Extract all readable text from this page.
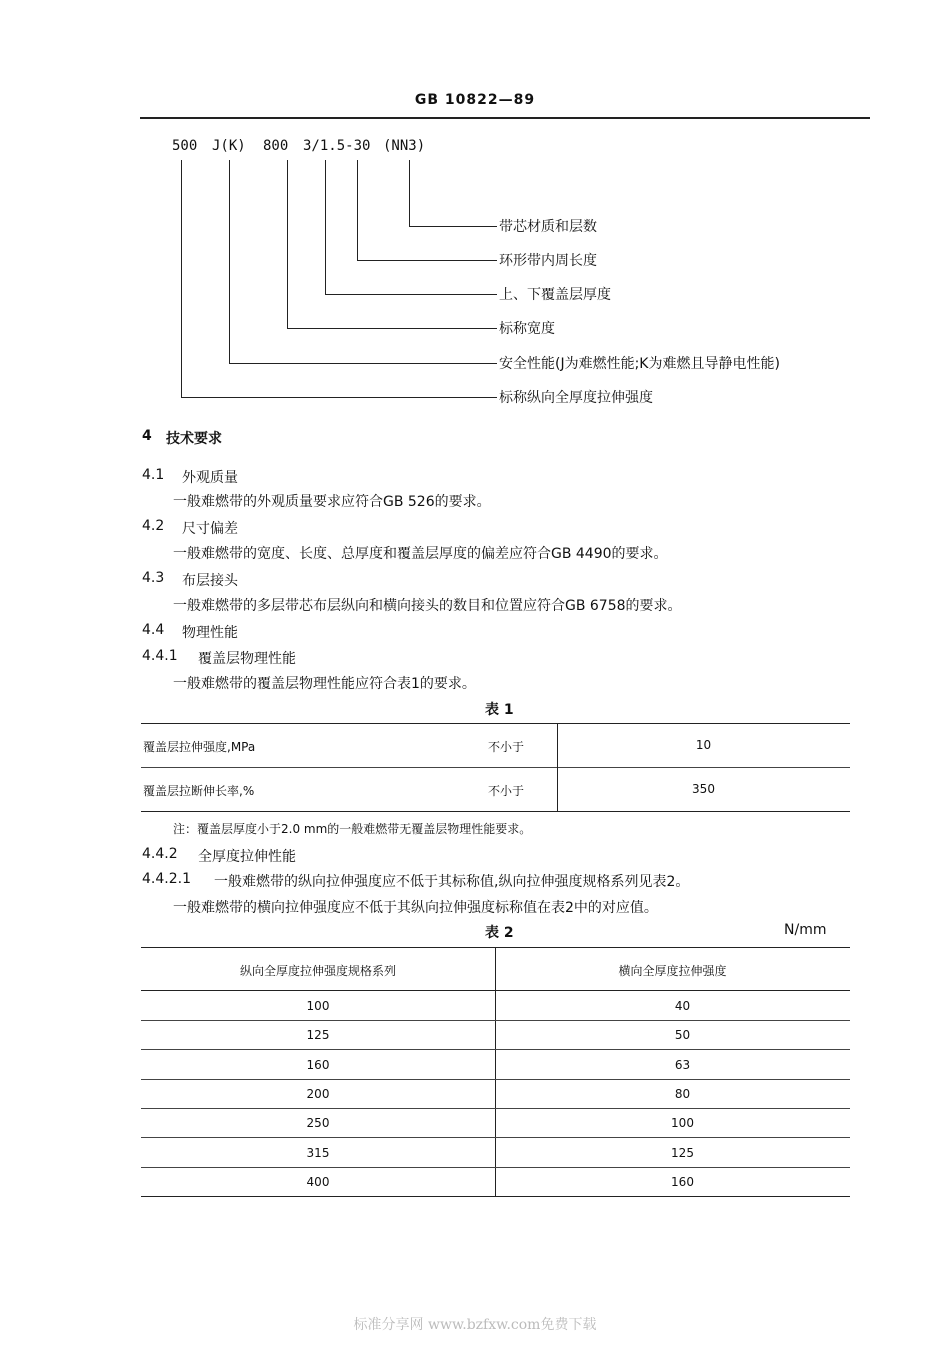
GB 10822—89
500 J(K) 800 3/1.5-30 (NN3)
带芯材质和层数
环形带内周长度
上、下覆盖层厚度
标称宽度
安全性能(J为难燃性能;K为难燃且导静电性能)
标称纵向全厚度拉伸强度
4 技术要求
4.1 外观质量
一般难燃带的外观质量要求应符合GB 526的要求。
4.2 尺寸偏差
一般难燃带的宽度、长度、总厚度和覆盖层厚度的偏差应符合GB 4490的要求。
4.3 布层接头
一般难燃带的多层带芯布层纵向和横向接头的数目和位置应符合GB 6758的要求。
4.4 物理性能
4.4.1 覆盖层物理性能
一般难燃带的覆盖层物理性能应符合表1的要求。
表 1
覆盖层拉伸强度,MPa	不小于	10
覆盖层拉断伸长率,%	不小于	350
注：覆盖层厚度小于2.0 mm的一般难燃带无覆盖层物理性能要求。
4.4.2 全厚度拉伸性能
4.4.2.1 一般难燃带的纵向拉伸强度应不低于其标称值,纵向拉伸强度规格系列见表2。
一般难燃带的横向拉伸强度应不低于其纵向拉伸强度标称值在表2中的对应值。
表 2	N/mm
纵向全厚度拉伸强度规格系列	横向全厚度拉伸强度
100	40
125	50
160	63
200	80
250	100
315	125
400	160
标准分享网 www.bzfxw.com免费下载
